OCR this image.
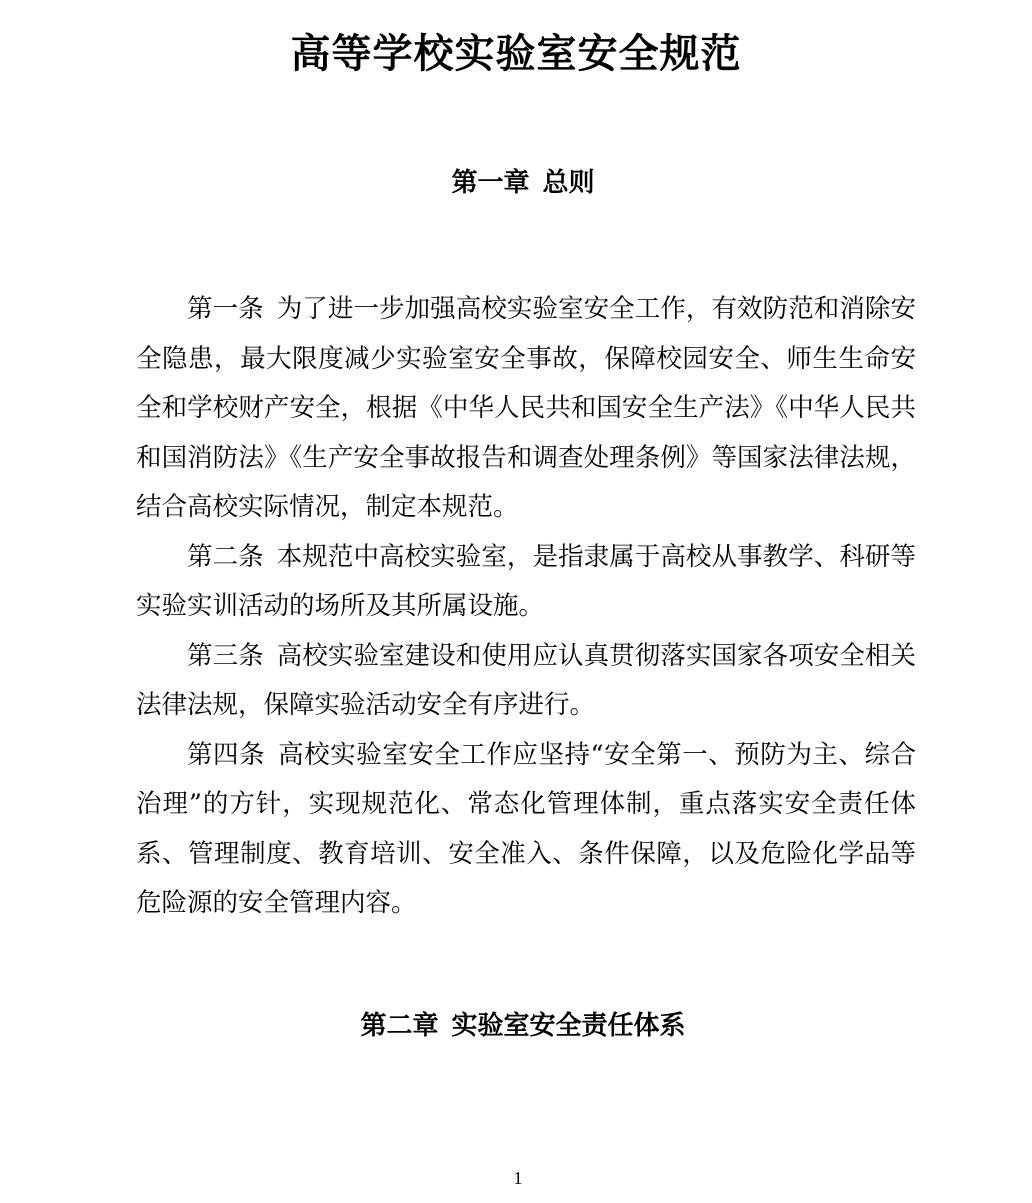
高等学校实验室安全规范
第一章 总则

第一条 为了进一步加强高校实验室安全工作，有效防范和消除安全隐患，最大限度减少实验室安全事故，保障校园安全、师生生命安全和学校财产安全，根据《中华人民共和国安全生产法》《中华人民共和国消防法》《生产安全事故报告和调查处理条例》等国家法律法规，结合高校实际情况，制定本规范。

第二条 本规范中高校实验室，是指隶属于高校从事教学、科研等实验实训活动的场所及其所属设施。

第三条 高校实验室建设和使用应认真贯彻落实国家各项安全相关法律法规，保障实验活动安全有序进行。

第四条 高校实验室安全工作应坚持“安全第一、预防为主、综合治理”的方针，实现规范化、常态化管理体制，重点落实安全责任体系、管理制度、教育培训、安全准入、条件保障，以及危险化学品等危险源的安全管理内容。

第二章 实验室安全责任体系
1
